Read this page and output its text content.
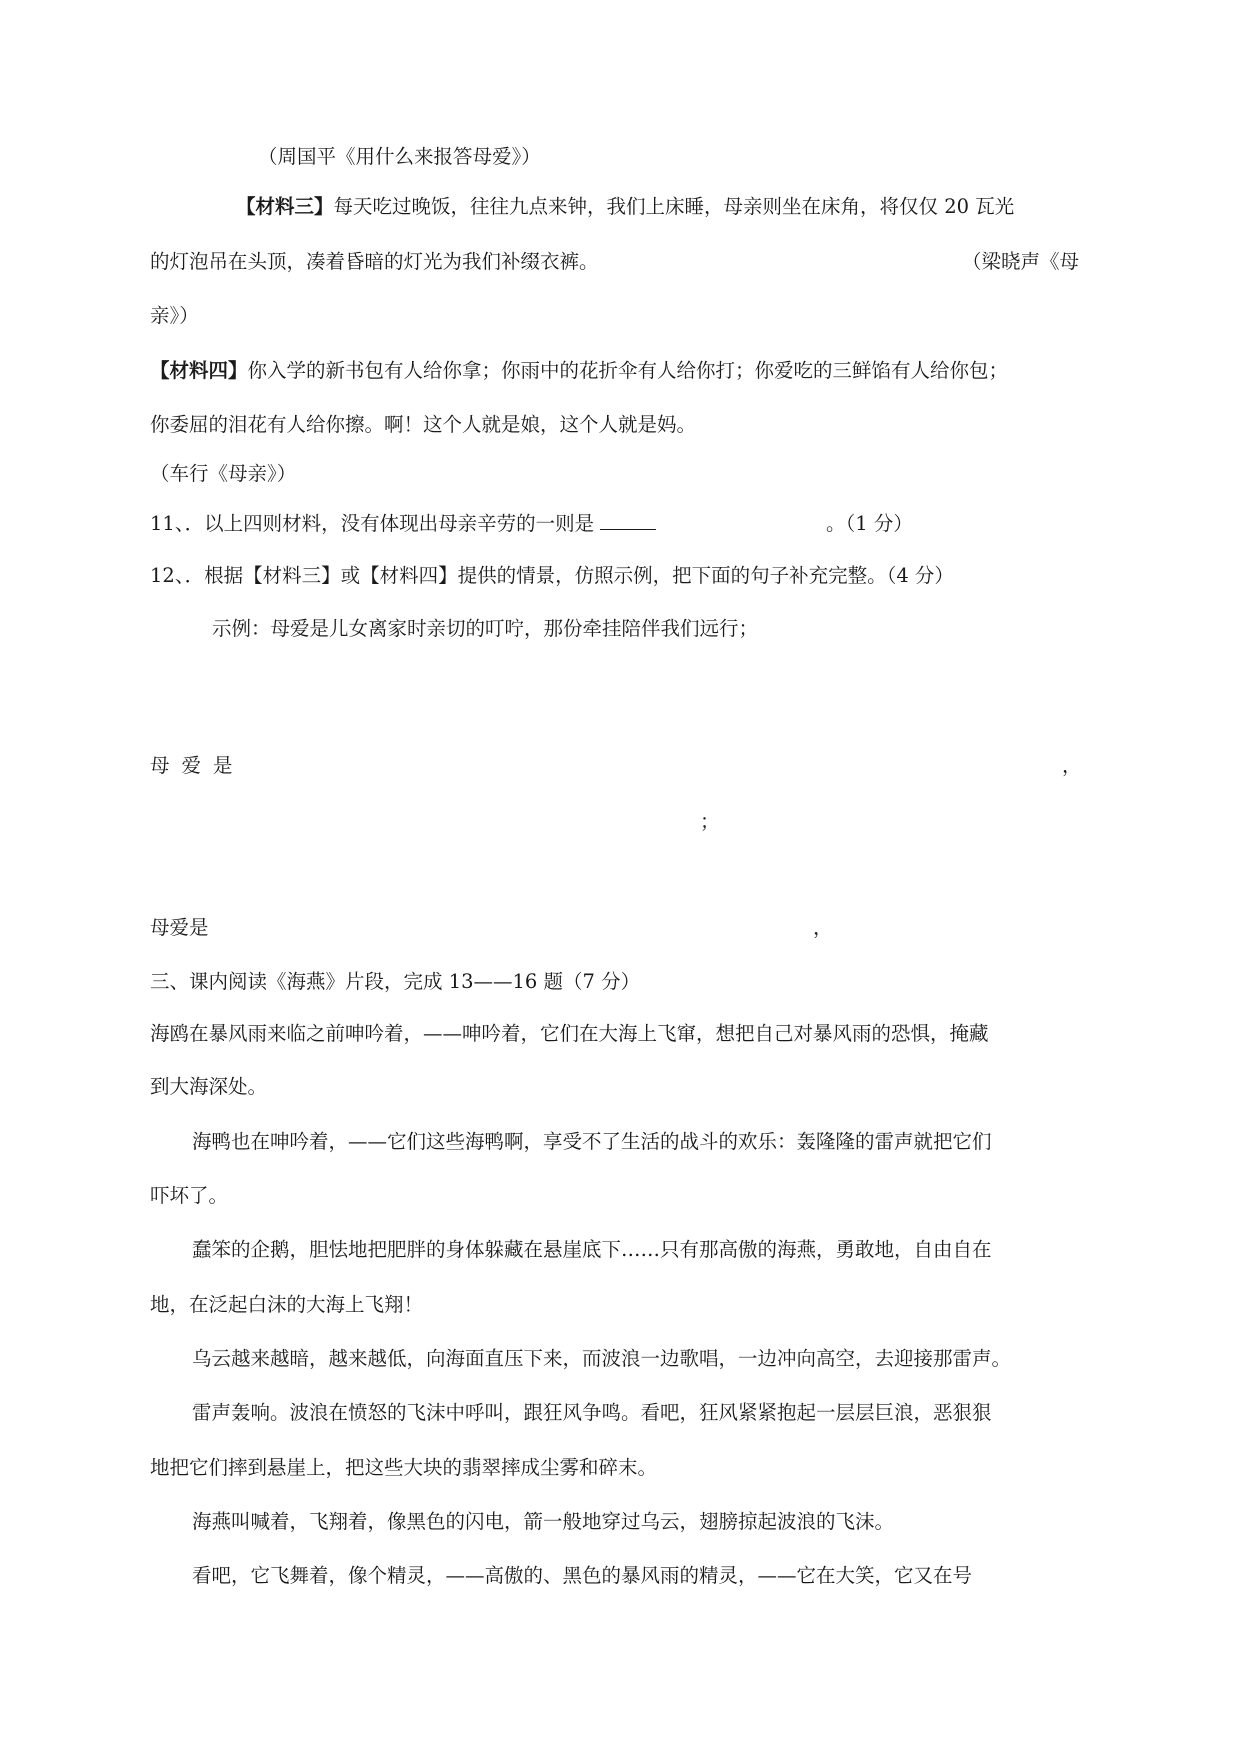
（周国平《用什么来报答母爱》）
【材料三】每天吃过晚饭，往往九点来钟，我们上床睡，母亲则坐在床角，将仅仅 20 瓦光
的灯泡吊在头顶，凑着昏暗的灯光为我们补缀衣裤。	（梁晓声《母
亲》）
【材料四】你入学的新书包有人给你拿；你雨中的花折伞有人给你打；你爱吃的三鲜馅有人给你包；
你委屈的泪花有人给你擦。啊！这个人就是娘，这个人就是妈。
（车行《母亲》）
11、．以上四则材料，没有体现出母亲辛劳的一则是	。（1 分）
12、．根据【材料三】或【材料四】提供的情景，仿照示例，把下面的句子补充完整。（4 分）
示例：母爱是儿女离家时亲切的叮咛，那份牵挂陪伴我们远行；
母爱是	，
；
母爱是	，
三、课内阅读《海燕》片段，完成 13——16 题（7 分）
海鸥在暴风雨来临之前呻吟着，——呻吟着，它们在大海上飞窜，想把自己对暴风雨的恐惧，掩藏
到大海深处。
海鸭也在呻吟着，——它们这些海鸭啊，享受不了生活的战斗的欢乐：轰隆隆的雷声就把它们
吓坏了。
蠢笨的企鹅，胆怯地把肥胖的身体躲藏在悬崖底下……只有那高傲的海燕，勇敢地，自由自在
地，在泛起白沫的大海上飞翔！
乌云越来越暗，越来越低，向海面直压下来，而波浪一边歌唱，一边冲向高空，去迎接那雷声。
雷声轰响。波浪在愤怒的飞沫中呼叫，跟狂风争鸣。看吧，狂风紧紧抱起一层层巨浪，恶狠狠
地把它们摔到悬崖上，把这些大块的翡翠摔成尘雾和碎末。
海燕叫喊着，飞翔着，像黑色的闪电，箭一般地穿过乌云，翅膀掠起波浪的飞沫。
看吧，它飞舞着，像个精灵，——高傲的、黑色的暴风雨的精灵，——它在大笑，它又在号
